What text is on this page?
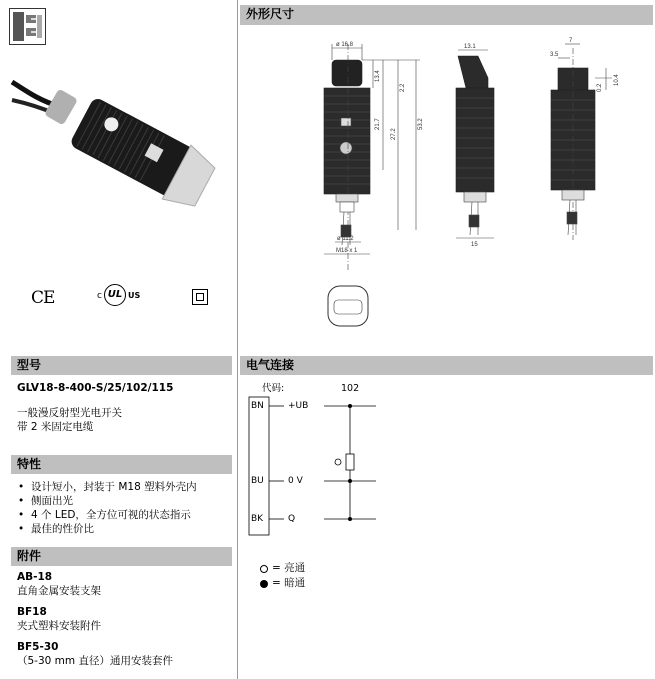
CE	c UL US
外形尺寸
ø 16.8	13.1
7
3.5
13.4
2.2
21.7
27.2
53.2
ø 11.2
M18 x 1
15
10.4
0.2
型号
GLV18-8-400-S/25/102/115
一般漫反射型光电开关
带 2 米固定电缆
特性
• 设计短小，封装于 M18 塑料外壳内
• 侧面出光
• 4 个 LED，全方位可视的状态指示
• 最佳的性价比
附件
AB-18
直角金属安装支架
BF18
夹式塑料安装附件
BF5-30
（5-30 mm 直径）通用安装套件
电气连接
代码:	102
BN	+UB
BU	0 V
BK	Q
= 亮通
= 暗通
